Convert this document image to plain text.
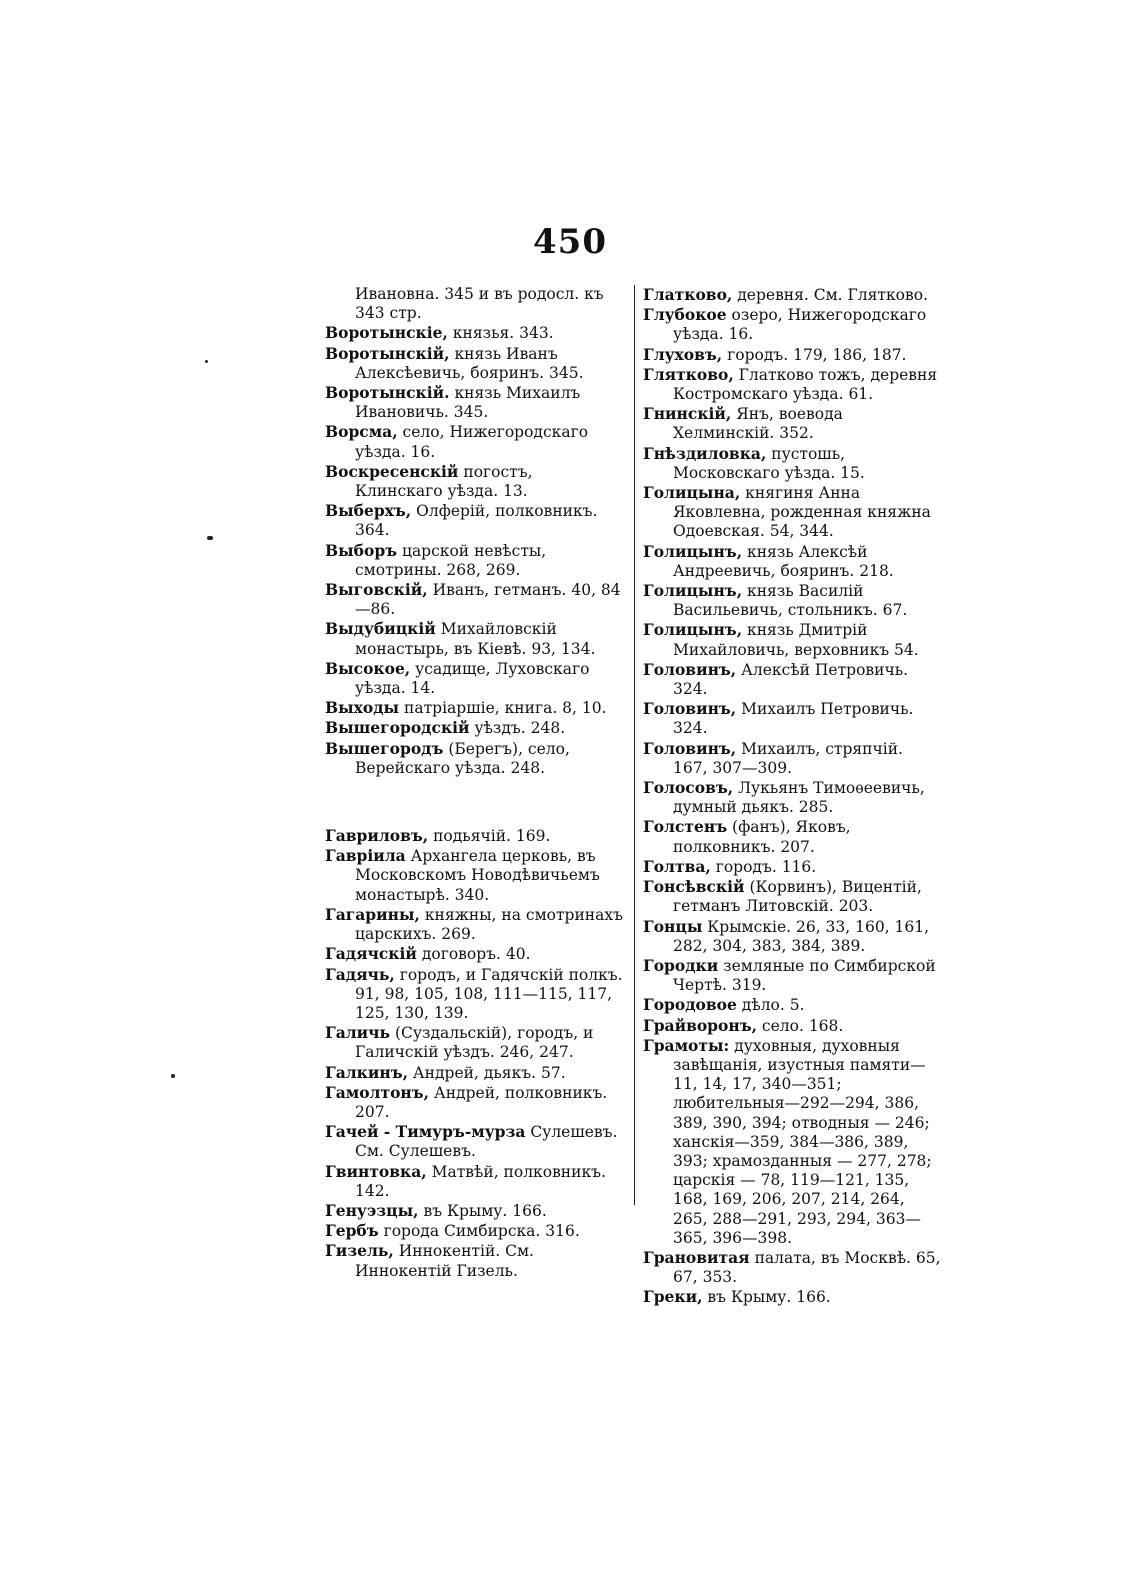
450

Ивановна. 345 и въ родосл. къ 343 стр.

Воротынскіе, князья. 343.

Воротынскій, князь Иванъ Алексѣевичь, бояринъ. 345.

Воротынскій. князь Михаилъ Ивановичь. 345.

Ворсма, село, Нижегородскаго уѣзда. 16.

Воскресенскій погостъ, Клинскаго уѣзда. 13.

Выберхъ, Олферій, полковникъ. 364.

Выборъ царской невѣсты, смотрины. 268, 269.

Выговскій, Иванъ, гетманъ. 40, 84—86.

Выдубицкій Михайловскій монастырь, въ Кіевѣ. 93, 134.

Высокое, усадище, Луховскаго уѣзда. 14.

Выходы патріаршіе, книга. 8, 10.

Вышегородскій уѣздъ. 248.

Вышегородъ (Берегъ), село, Верейскаго уѣзда. 248.

Гавриловъ, подьячій. 169.

Гавріила Архангела церковь, въ Московскомъ Новодѣвичьемъ монастырѣ. 340.

Гагарины, княжны, на смотринахъ царскихъ. 269.

Гадячскій договоръ. 40.

Гадячь, городъ, и Гадячскій полкъ. 91, 98, 105, 108, 111—115, 117, 125, 130, 139.

Галичь (Суздальскій), городъ, и Галичскій уѣздъ. 246, 247.

Галкинъ, Андрей, дьякъ. 57.

Гамолтонъ, Андрей, полковникъ. 207.

Гачей - Тимуръ-мурза Сулешевъ. См. Сулешевъ.

Гвинтовка, Матвѣй, полковникъ. 142.

Генуэзцы, въ Крыму. 166.

Гербъ города Симбирска. 316.

Гизель, Иннокентій. См. Иннокентій Гизель.

Глатково, деревня. См. Глятково.

Глубокое озеро, Нижегородскаго уѣзда. 16.

Глуховъ, городъ. 179, 186, 187.

Глятково, Глатково тожъ, деревня Костромскаго уѣзда. 61.

Гнинскій, Янъ, воевода Хелминскій. 352.

Гнѣздиловка, пустошь, Московскаго уѣзда. 15.

Голицына, княгиня Анна Яковлевна, рожденная княжна Одоевская. 54, 344.

Голицынъ, князь Алексѣй Андреевичь, бояринъ. 218.

Голицынъ, князь Василій Васильевичь, стольникъ. 67.

Голицынъ, князь Дмитрій Михайловичь, верховникъ 54.

Головинъ, Алексѣй Петровичь. 324.

Головинъ, Михаилъ Петровичь. 324.

Головинъ, Михаилъ, стряпчій. 167, 307—309.

Голосовъ, Лукьянъ Тимоѳеевичь, думный дьякъ. 285.

Голстенъ (фанъ), Яковъ, полковникъ. 207.

Голтва, городъ. 116.

Гонсѣвскій (Корвинъ), Вицентій, гетманъ Литовскій. 203.

Гонцы Крымскіе. 26, 33, 160, 161, 282, 304, 383, 384, 389.

Городки земляные по Симбирской Чертѣ. 319.

Городовое дѣло. 5.

Грайворонъ, село. 168.

Грамоты: духовныя, духовныя завѣщанія, изустныя памяти—11, 14, 17, 340—351; любительныя—292—294, 386, 389, 390, 394; отводныя — 246; ханскія—359, 384—386, 389, 393; храмозданныя — 277, 278; царскія — 78, 119—121, 135, 168, 169, 206, 207, 214, 264, 265, 288—291, 293, 294, 363—365, 396—398.

Грановитая палата, въ Москвѣ. 65, 67, 353.

Греки, въ Крыму. 166.
